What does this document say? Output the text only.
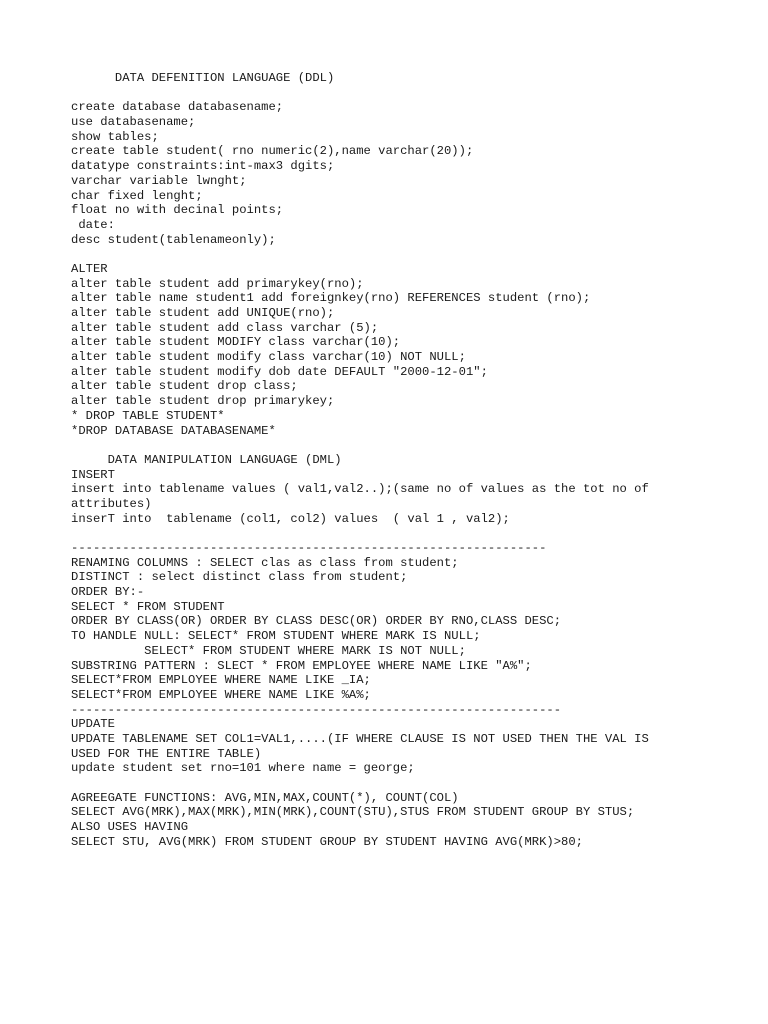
DATA DEFENITION LANGUAGE (DDL)
create database databasename;
use databasename;
show tables;
create table student( rno numeric(2),name varchar(20));
datatype constraints:int-max3 dgits;
varchar variable lwnght;
char fixed lenght;
float no with decinal points;
date:
desc student(tablenameonly);
ALTER
alter table student add primarykey(rno);
alter table name student1 add foreignkey(rno) REFERENCES student (rno);
alter table student add UNIQUE(rno);
alter table student add class varchar (5);
alter table student MODIFY class varchar(10);
alter table student modify class varchar(10) NOT NULL;
alter table student modify dob date DEFAULT "2000-12-01";
alter table student drop class;
alter table student drop primarykey;
* DROP TABLE STUDENT*
*DROP DATABASE DATABASENAME*
DATA MANIPULATION LANGUAGE (DML)
INSERT
insert into tablename values ( val1,val2..);(same no of values as the tot no of
attributes)
inserT into  tablename (col1, col2) values  ( val 1 , val2);
-----------------------------------------------------------------
RENAMING COLUMNS : SELECT clas as class from student;
DISTINCT : select distinct class from student;
ORDER BY:-
SELECT * FROM STUDENT
ORDER BY CLASS(OR) ORDER BY CLASS DESC(OR) ORDER BY RNO,CLASS DESC;
TO HANDLE NULL: SELECT* FROM STUDENT WHERE MARK IS NULL;
SELECT* FROM STUDENT WHERE MARK IS NOT NULL;
SUBSTRING PATTERN : SLECT * FROM EMPLOYEE WHERE NAME LIKE "A%";
SELECT*FROM EMPLOYEE WHERE NAME LIKE _IA;
SELECT*FROM EMPLOYEE WHERE NAME LIKE %A%;
-------------------------------------------------------------------
UPDATE
UPDATE TABLENAME SET COL1=VAL1,....(IF WHERE CLAUSE IS NOT USED THEN THE VAL IS
USED FOR THE ENTIRE TABLE)
update student set rno=101 where name = george;
AGREEGATE FUNCTIONS: AVG,MIN,MAX,COUNT(*), COUNT(COL)
SELECT AVG(MRK),MAX(MRK),MIN(MRK),COUNT(STU),STUS FROM STUDENT GROUP BY STUS;
ALSO USES HAVING
SELECT STU, AVG(MRK) FROM STUDENT GROUP BY STUDENT HAVING AVG(MRK)>80;
